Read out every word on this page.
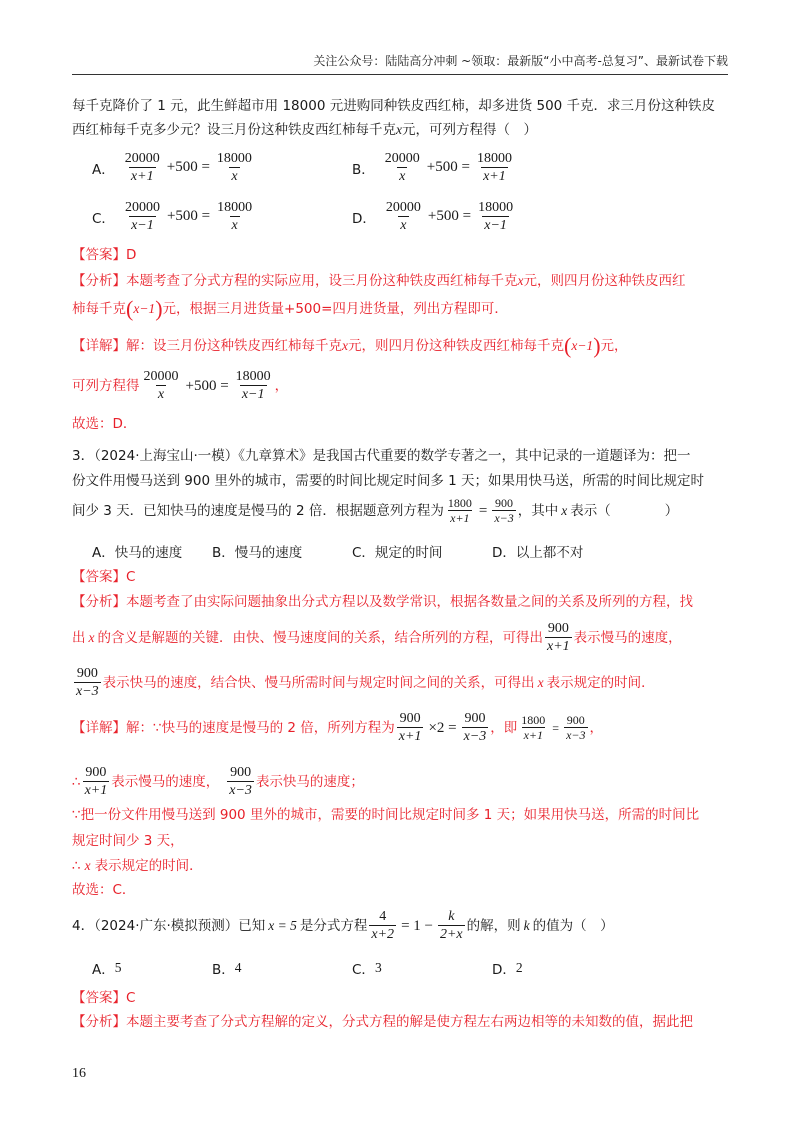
关注公众号：陆陆高分冲刺 ~领取：最新版“小中高考-总复习”、最新试卷下载
每千克降价了 1 元，此生鲜超市用 18000 元进购同种铁皮西红柿，却多进货 500 千克．求三月份这种铁皮
西红柿每千克多少元？设三月份这种铁皮西红柿每千克x元，可列方程得（　）
A． $\frac{20000}{x+1} +500 = \frac{18000}{x}$	B． $\frac{20000}{x} +500 = \frac{18000}{x+1}$
C． $\frac{20000}{x-1} +500 = \frac{18000}{x}$	D． $\frac{20000}{x} +500 = \frac{18000}{x-1}$
【答案】D
【分析】本题考查了分式方程的实际应用，设三月份这种铁皮西红柿每千克x元，则四月份这种铁皮西红
柿每千克(x−1)元，根据三月进货量+500=四月进货量，列出方程即可．
【详解】解：设三月份这种铁皮西红柿每千克x元，则四月份这种铁皮西红柿每千克(x−1)元，
可列方程得 $\frac{20000}{x} +500 = \frac{18000}{x-1}$ ，
故选：D．
3．（2024·上海宝山·一模）《九章算术》是我国古代重要的数学专著之一，其中记录的一道题译为：把一
份文件用慢马送到 900 里外的城市，需要的时间比规定时间多 1 天；如果用快马送，所需的时间比规定时
间少 3 天．已知快马的速度是慢马的 2 倍．根据题意列方程为 $\frac{1800}{x+1} = \frac{900}{x-3}$ ，其中 x 表示（　　　　）
A．快马的速度 B．慢马的速度	C．规定的时间	D．以上都不对
【答案】C
【分析】本题考查了由实际问题抽象出分式方程以及数学常识，根据各数量之间的关系及所列的方程，找
出 x 的含义是解题的关键．由快、慢马速度间的关系，结合所列的方程，可得出 $\frac{900}{x+1}$ 表示慢马的速度，
$\frac{900}{x-3}$ 表示快马的速度，结合快、慢马所需时间与规定时间之间的关系，可得出 x 表示规定的时间．
【详解】解：∵快马的速度是慢马的 2 倍，所列方程为 $\frac{900}{x+1} \times 2 = \frac{900}{x-3}$ ，即 $\frac{1800}{x+1} = \frac{900}{x-3}$ ，
∴ $\frac{900}{x+1}$ 表示慢马的速度， $\frac{900}{x-3}$ 表示快马的速度；
∵把一份文件用慢马送到 900 里外的城市，需要的时间比规定时间多 1 天；如果用快马送，所需的时间比
规定时间少 3 天，
∴ x 表示规定的时间．
故选：C．
4．（2024·广东·模拟预测）已知 x = 5 是分式方程 $\frac{4}{x+2} = 1 - \frac{k}{2+x}$ 的解，则 k 的值为（　）
A． 5	B． 4	C． 3	D． 2
【答案】C
【分析】本题主要考查了分式方程解的定义，分式方程的解是使方程左右两边相等的未知数的值，据此把
16
